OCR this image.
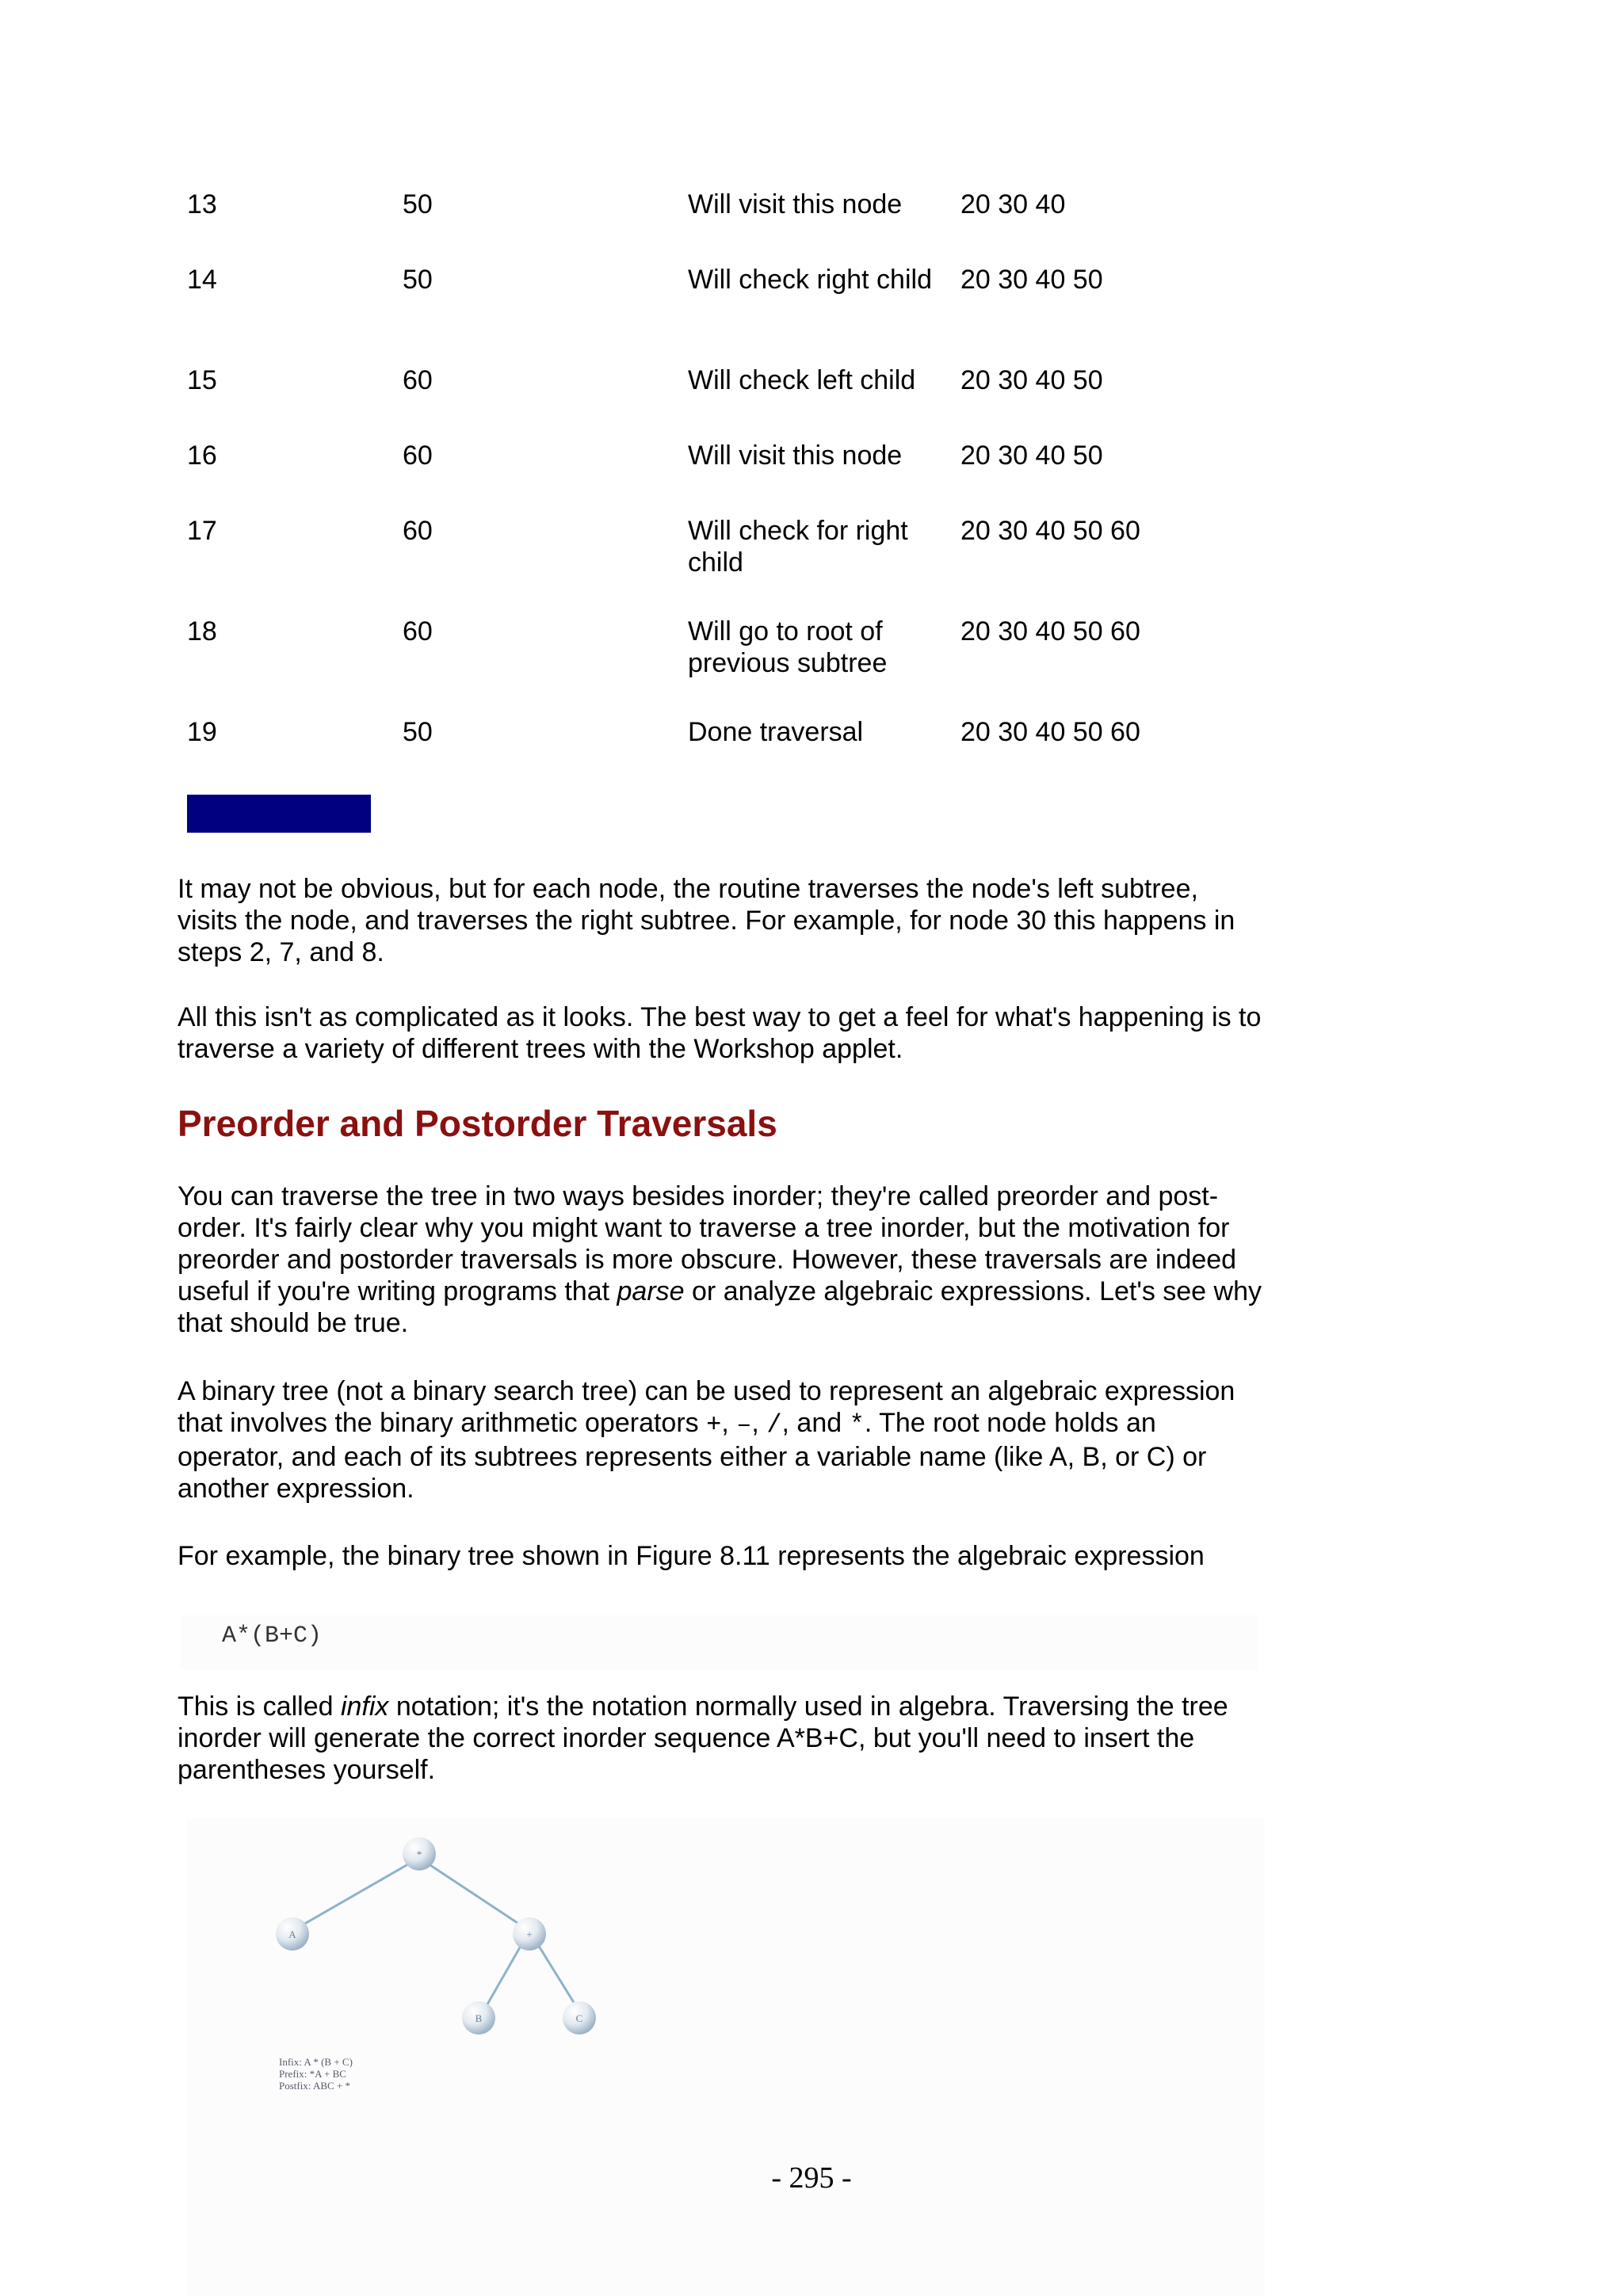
13	50	Will visit this node	20 30 40
14	50	Will check right child	20 30 40 50
15	60	Will check left child	20 30 40 50
16	60	Will visit this node	20 30 40 50
17	60	Will check for right child	20 30 40 50 60
18	60	Will go to root of previous subtree	20 30 40 50 60
19	50	Done traversal	20 30 40 50 60

It may not be obvious, but for each node, the routine traverses the node's left subtree, visits the node, and traverses the right subtree. For example, for node 30 this happens in steps 2, 7, and 8.

All this isn't as complicated as it looks. The best way to get a feel for what's happening is to traverse a variety of different trees with the Workshop applet.

Preorder and Postorder Traversals

You can traverse the tree in two ways besides inorder; they're called preorder and post-order. It's fairly clear why you might want to traverse a tree inorder, but the motivation for preorder and postorder traversals is more obscure. However, these traversals are indeed useful if you're writing programs that parse or analyze algebraic expressions. Let's see why that should be true.

A binary tree (not a binary search tree) can be used to represent an algebraic expression that involves the binary arithmetic operators +, –, /, and *. The root node holds an operator, and each of its subtrees represents either a variable name (like A, B, or C) or another expression.

For example, the binary tree shown in Figure 8.11 represents the algebraic expression

A*(B+C)

This is called infix notation; it's the notation normally used in algebra. Traversing the tree inorder will generate the correct inorder sequence A*B+C, but you'll need to insert the parentheses yourself.

*
A	+
B	C
Infix: A * (B + C)
Prefix: *A + BC
Postfix: ABC + *
- 295 -
